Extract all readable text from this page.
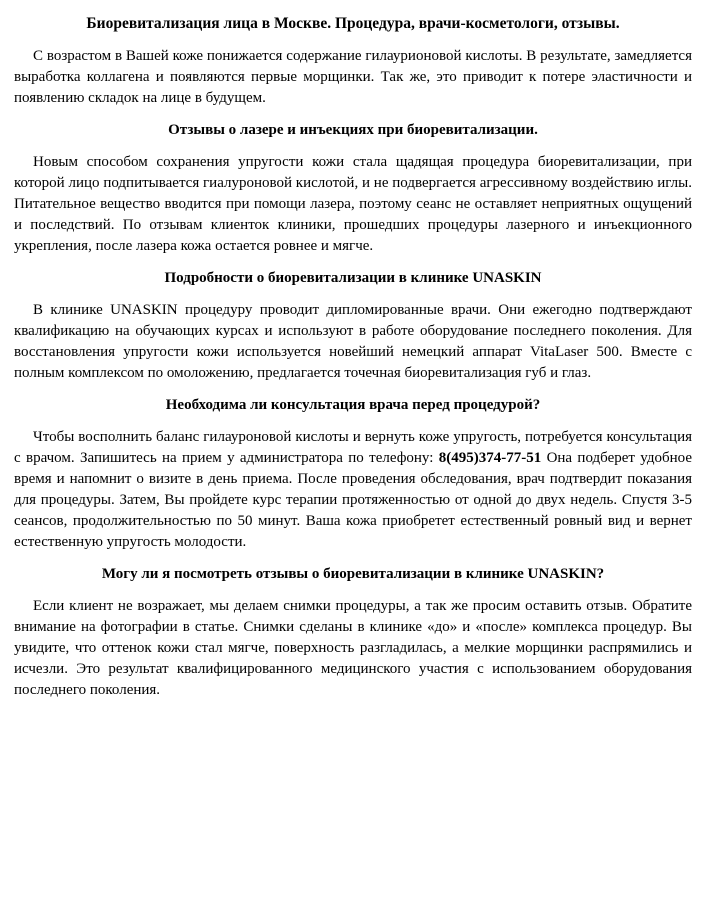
Биоревитализация лица в Москве. Процедура, врачи-косметологи, отзывы.

С возрастом в Вашей коже понижается содержание гилаурионовой кислоты. В результате, замедляется выработка коллагена и появляются первые морщинки. Так же, это приводит к потере эластичности и появлению складок на лице в будущем.

Отзывы о лазере и инъекциях при биоревитализации.

Новым способом сохранения упругости кожи стала щадящая процедура биоревитализации, при которой лицо подпитывается гиалуроновой кислотой, и не подвергается агрессивному воздействию иглы. Питательное вещество вводится при помощи лазера, поэтому сеанс не оставляет неприятных ощущений и последствий. По отзывам клиенток клиники, прошедших процедуры лазерного и инъекционного укрепления, после лазера кожа остается ровнее и мягче.

Подробности о биоревитализации в клинике UNASKIN

В клинике UNASKIN процедуру проводит дипломированные врачи. Они ежегодно подтверждают квалификацию на обучающих курсах и используют в работе оборудование последнего поколения. Для восстановления упругости кожи используется новейший немецкий аппарат VitaLaser 500. Вместе с полным комплексом по омоложению, предлагается точечная биоревитализация губ и глаз.

Необходима ли консультация врача перед процедурой?

Чтобы восполнить баланс гилауроновой кислоты и вернуть коже упругость, потребуется консультация с врачом. Запишитесь на прием у администратора по телефону: 8(495)374-77-51 Она подберет удобное время и напомнит о визите в день приема. После проведения обследования, врач подтвердит показания для процедуры. Затем, Вы пройдете курс терапии протяженностью от одной до двух недель. Спустя 3-5 сеансов, продолжительностью по 50 минут. Ваша кожа приобретет естественный ровный вид и вернет естественную упругость молодости.

Могу ли я посмотреть отзывы о биоревитализации в клинике UNASKIN?

Если клиент не возражает, мы делаем снимки процедуры, а так же просим оставить отзыв. Обратите внимание на фотографии в статье. Снимки сделаны в клинике «до» и «после» комплекса процедур. Вы увидите, что оттенок кожи стал мягче, поверхность разгладилась, а мелкие морщинки распрямились и исчезли. Это результат квалифицированного медицинского участия с использованием оборудования последнего поколения.
